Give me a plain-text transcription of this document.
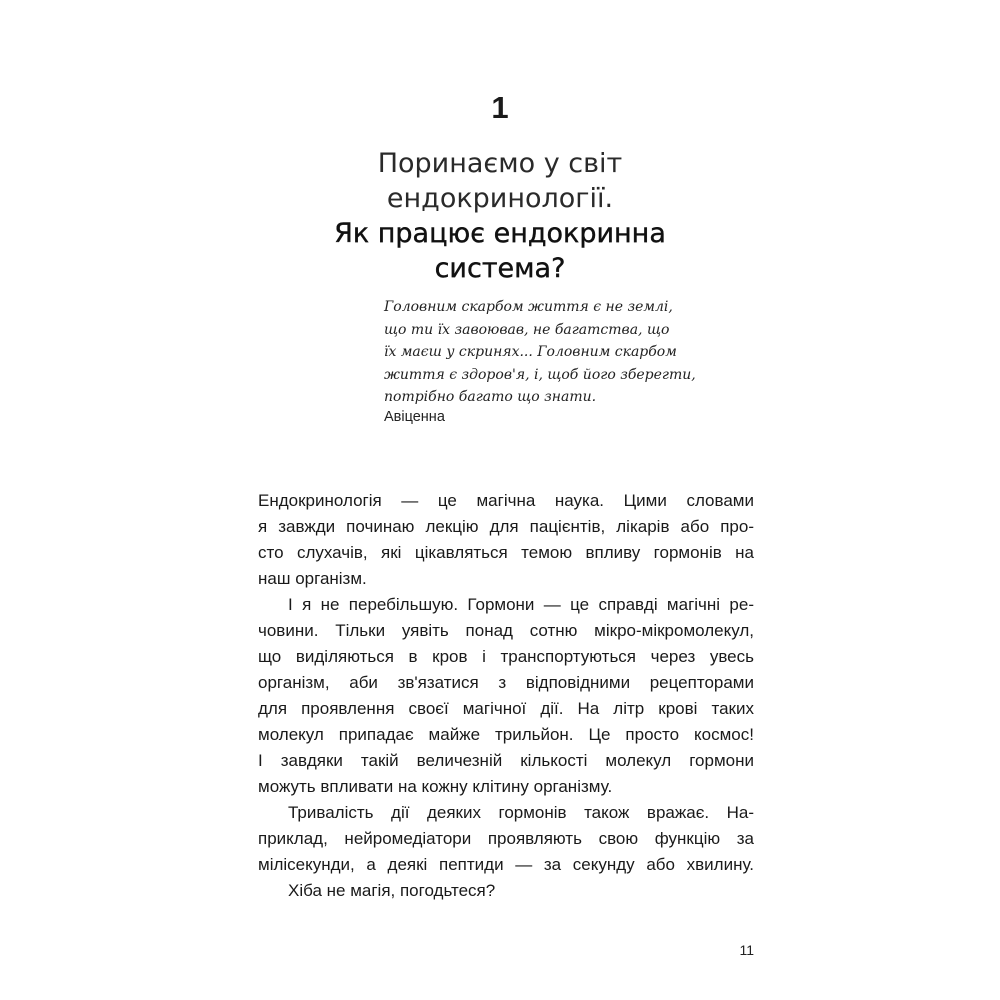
1
Поринаємо у світ
ендокринології.
Як працює ендокринна
система?
Головним скарбом життя є не землі,
що ти їх завоював, не багатства, що
їх маєш у скринях... Головним скарбом
життя є здоров'я, і, щоб його зберегти,
потрібно багато що знати.
Авіценна
Ендокринологія — це магічна наука. Цими словами
я завжди починаю лекцію для пацієнтів, лікарів або про-
сто слухачів, які цікавляться темою впливу гормонів на
наш організм.
І я не перебільшую. Гормони — це справді магічні ре-
човини. Тільки уявіть понад сотню мікро-мікромолекул,
що виділяються в кров і транспортуються через увесь
організм, аби зв'язатися з відповідними рецепторами
для проявлення своєї магічної дії. На літр крові таких
молекул припадає майже трильйон. Це просто космос!
І завдяки такій величезній кількості молекул гормони
можуть впливати на кожну клітину організму.
Тривалість дії деяких гормонів також вражає. На-
приклад, нейромедіатори проявляють свою функцію за
мілісекунди, а деякі пептиди — за секунду або хвилину.
Хіба не магія, погодьтеся?
11
